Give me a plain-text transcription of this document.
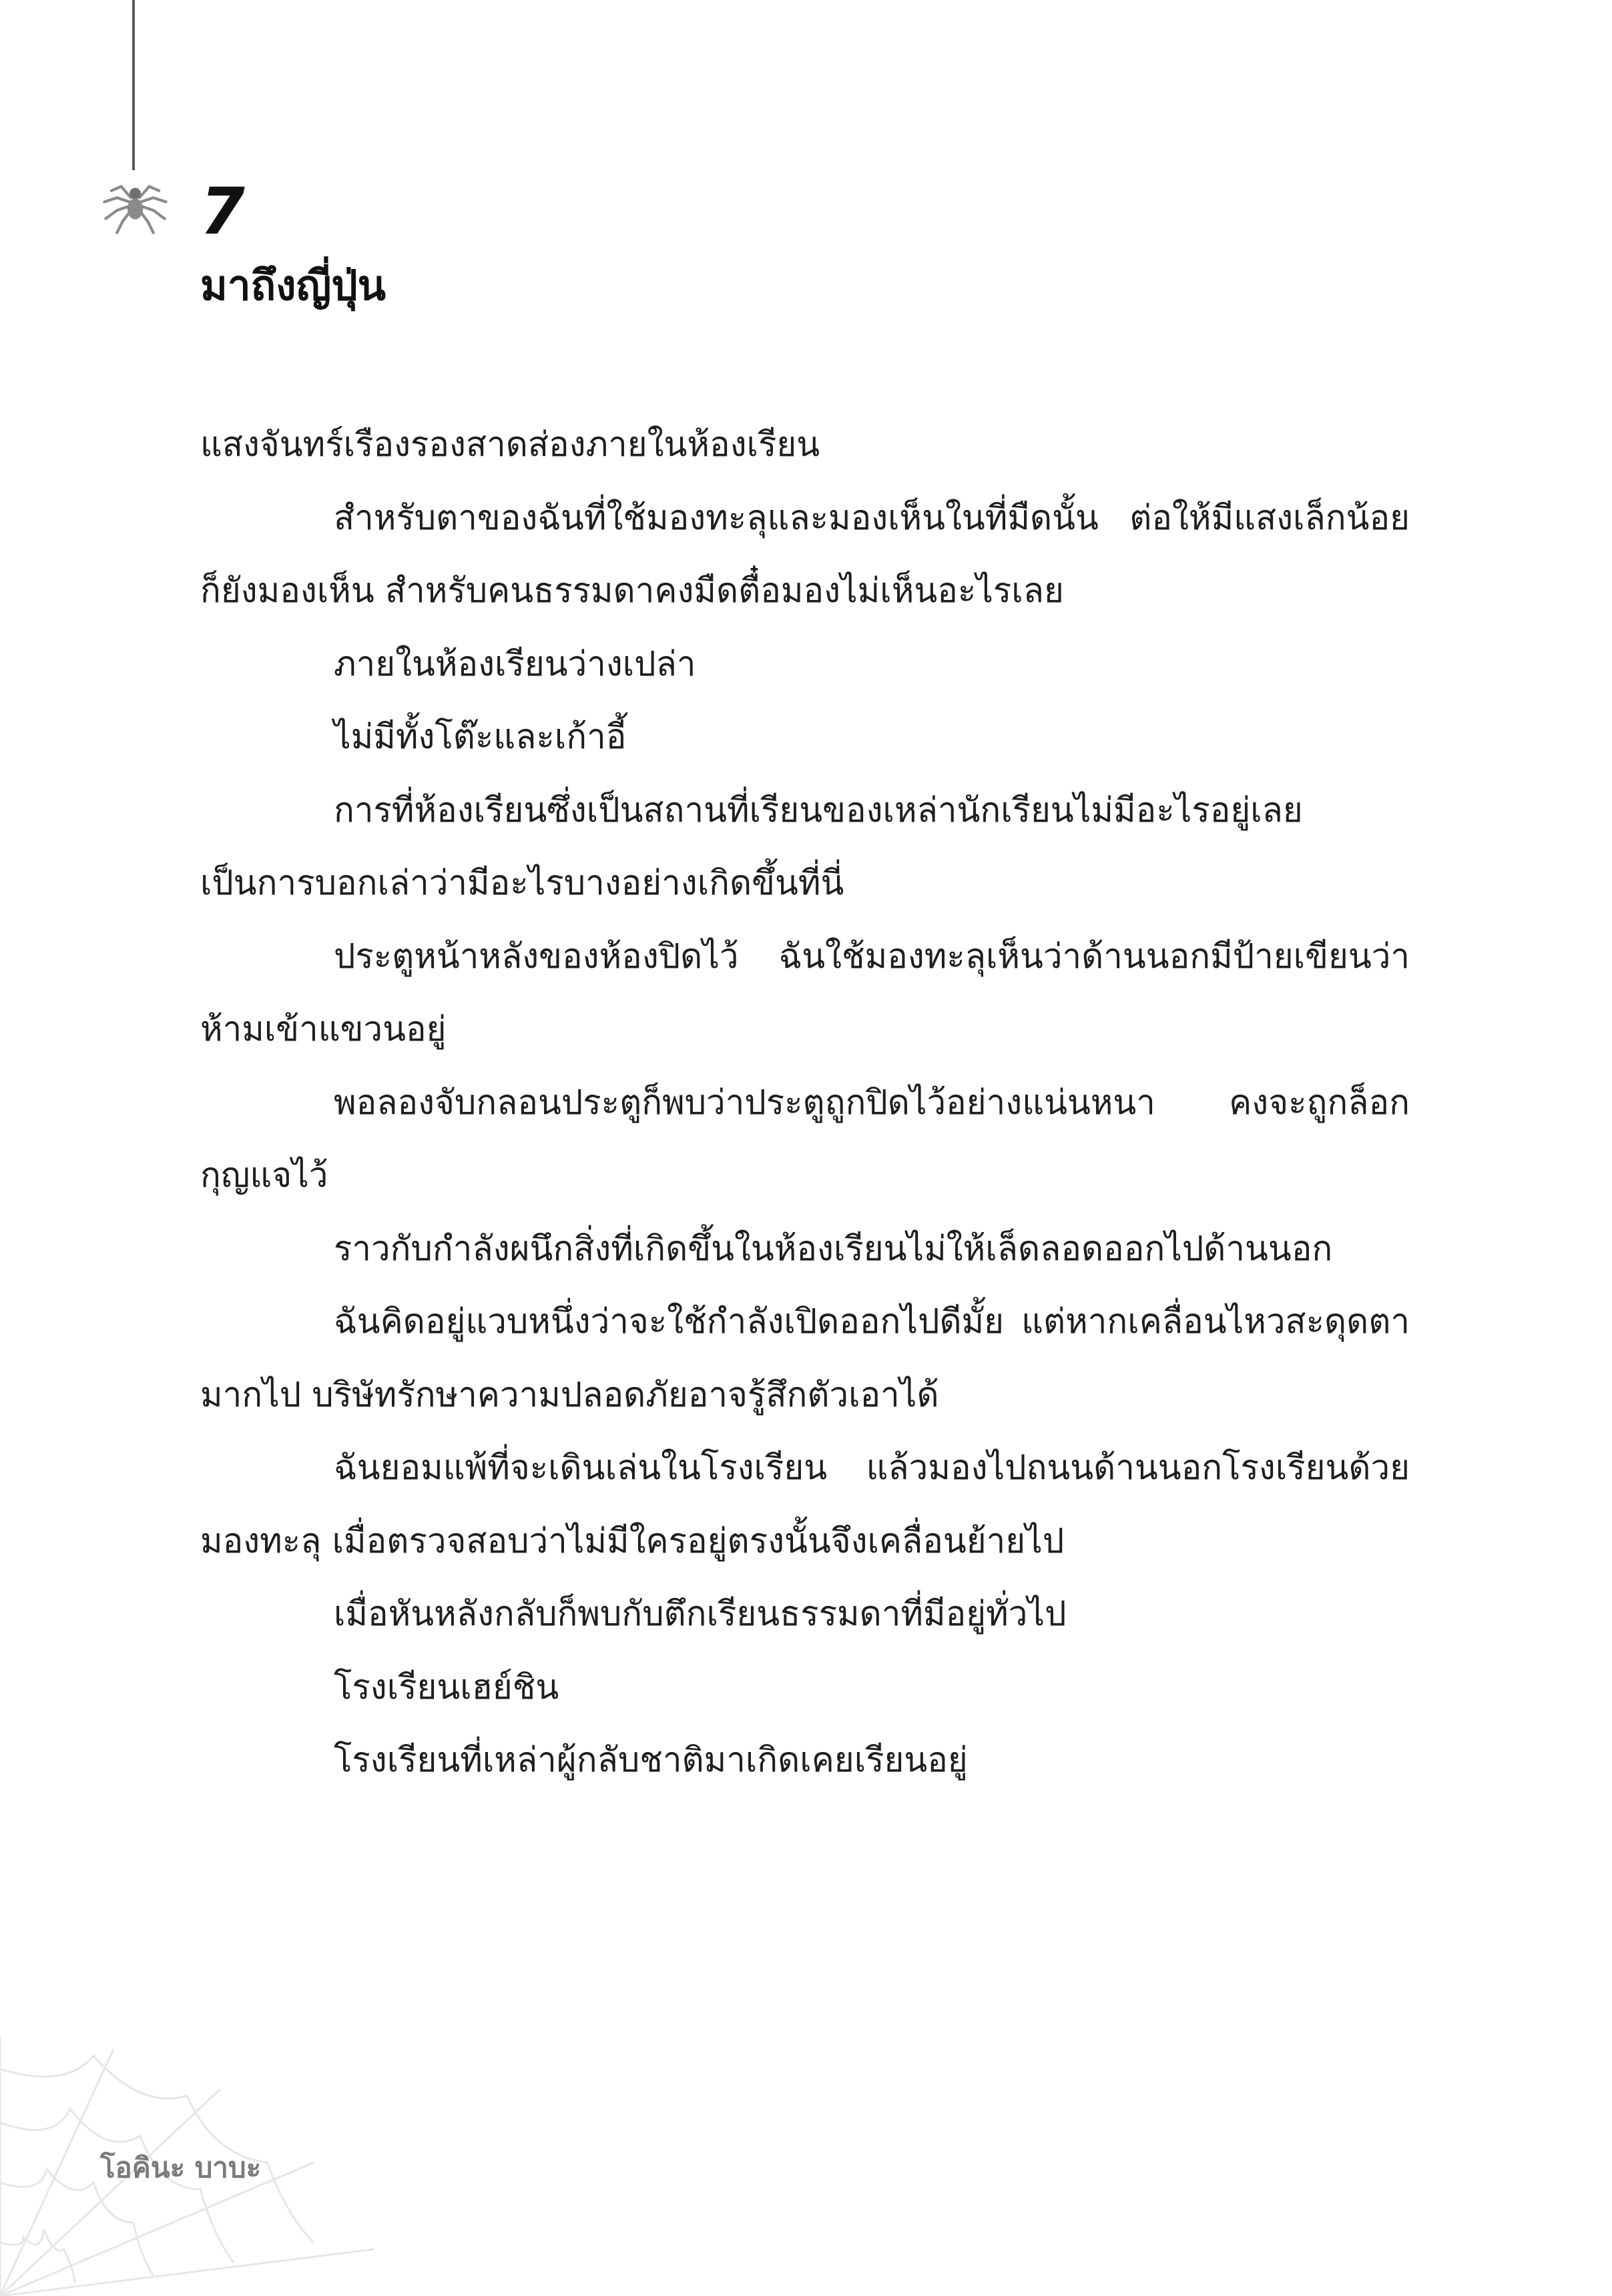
7
มาถึงญี่ปุ่น

แสงจันทร์เรืองรองสาดส่องภายในห้องเรียน

สำหรับตาของฉันที่ใช้มองทะลุและมองเห็นในที่มืดนั้น ต่อให้มีแสงเล็กน้อยก็ยังมองเห็น สำหรับคนธรรมดาคงมืดตื๋อมองไม่เห็นอะไรเลย

ภายในห้องเรียนว่างเปล่า

ไม่มีทั้งโต๊ะและเก้าอี้

การที่ห้องเรียนซึ่งเป็นสถานที่เรียนของเหล่านักเรียนไม่มีอะไรอยู่เลย เป็นการบอกเล่าว่ามีอะไรบางอย่างเกิดขึ้นที่นี่

ประตูหน้าหลังของห้องปิดไว้ ฉันใช้มองทะลุเห็นว่าด้านนอกมีป้ายเขียนว่าห้ามเข้าแขวนอยู่

พอลองจับกลอนประตูก็พบว่าประตูถูกปิดไว้อย่างแน่นหนา คงจะถูกล็อกกุญแจไว้

ราวกับกำลังผนึกสิ่งที่เกิดขึ้นในห้องเรียนไม่ให้เล็ดลอดออกไปด้านนอก

ฉันคิดอยู่แวบหนึ่งว่าจะใช้กำลังเปิดออกไปดีมั้ย แต่หากเคลื่อนไหวสะดุดตามากไป บริษัทรักษาความปลอดภัยอาจรู้สึกตัวเอาได้

ฉันยอมแพ้ที่จะเดินเล่นในโรงเรียน แล้วมองไปถนนด้านนอกโรงเรียนด้วยมองทะลุ เมื่อตรวจสอบว่าไม่มีใครอยู่ตรงนั้นจึงเคลื่อนย้ายไป

เมื่อหันหลังกลับก็พบกับตึกเรียนธรรมดาที่มีอยู่ทั่วไป

โรงเรียนเฮย์ชิน

โรงเรียนที่เหล่าผู้กลับชาติมาเกิดเคยเรียนอยู่

โอคินะ บาบะ
